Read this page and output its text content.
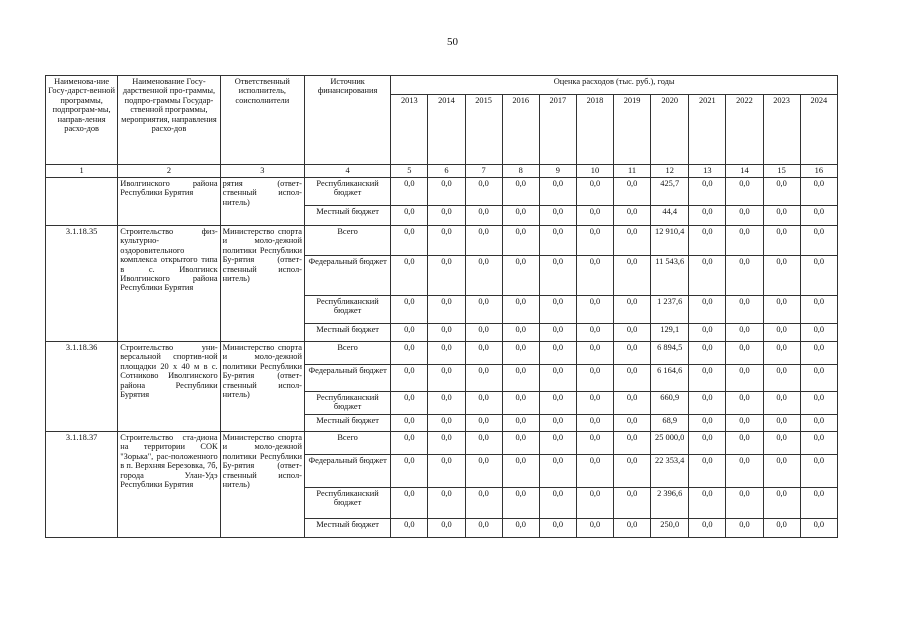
50
Наименова-ние Госу-дарст-венной программы, подпрограм-мы, направ-ления расхо-дов	Наименование Госу-дарственной про-граммы, подпро-граммы Государ-ственной программы, мероприятия, направления расхо-дов	Ответственный исполнитель, соисполнители	Источник финансирования	Оценка расходов (тыс. руб.), годы											
				2013	2014	2015	2016	2017	2018	2019	2020	2021	2022	2023	2024
1	2	3	4	5	6	7	8	9	10	11	12	13	14	15	16
	Иволгинского района Республики Бурятия	рятия (ответ-ственный испол-нитель)	Республиканский бюджет	0,0	0,0	0,0	0,0	0,0	0,0	0,0	425,7	0,0	0,0	0,0	0,0
			Местный бюджет	0,0	0,0	0,0	0,0	0,0	0,0	0,0	44,4	0,0	0,0	0,0	0,0
3.1.18.35	Строительство физ-культурно-оздоровительного комплекса открытого типа в с. Иволгинск Иволгинского района Республики Бурятия	Министерство спорта и моло-дежной политики Республики Бу-рятия (ответ-ственный испол-нитель)	Всего	0,0	0,0	0,0	0,0	0,0	0,0	0,0	12 910,4	0,0	0,0	0,0	0,0
			Федеральный бюджет	0,0	0,0	0,0	0,0	0,0	0,0	0,0	11 543,6	0,0	0,0	0,0	0,0
			Республиканский бюджет	0,0	0,0	0,0	0,0	0,0	0,0	0,0	1 237,6	0,0	0,0	0,0	0,0
			Местный бюджет	0,0	0,0	0,0	0,0	0,0	0,0	0,0	129,1	0,0	0,0	0,0	0,0
3.1.18.36	Строительство уни-версальной спортив-ной площадки 20 х 40 м в с. Сотниково Иволгинского района Республики Бурятия	Министерство спорта и моло-дежной политики Республики Бу-рятия (ответ-ственный испол-нитель)	Всего	0,0	0,0	0,0	0,0	0,0	0,0	0,0	6 894,5	0,0	0,0	0,0	0,0
			Федеральный бюджет	0,0	0,0	0,0	0,0	0,0	0,0	0,0	6 164,6	0,0	0,0	0,0	0,0
			Республиканский бюджет	0,0	0,0	0,0	0,0	0,0	0,0	0,0	660,9	0,0	0,0	0,0	0,0
			Местный бюджет	0,0	0,0	0,0	0,0	0,0	0,0	0,0	68,9	0,0	0,0	0,0	0,0
3.1.18.37	Строительство ста-диона на территории СОК "Зорька", рас-положенного в п. Верхняя Березовка, 7б, города Улан-Удэ Республики Бурятия	Министерство спорта и моло-дежной политики Республики Бу-рятия (ответ-ственный испол-нитель)	Всего	0,0	0,0	0,0	0,0	0,0	0,0	0,0	25 000,0	0,0	0,0	0,0	0,0
			Федеральный бюджет	0,0	0,0	0,0	0,0	0,0	0,0	0,0	22 353,4	0,0	0,0	0,0	0,0
			Республиканский бюджет	0,0	0,0	0,0	0,0	0,0	0,0	0,0	2 396,6	0,0	0,0	0,0	0,0
			Местный бюджет	0,0	0,0	0,0	0,0	0,0	0,0	0,0	250,0	0,0	0,0	0,0	0,0
